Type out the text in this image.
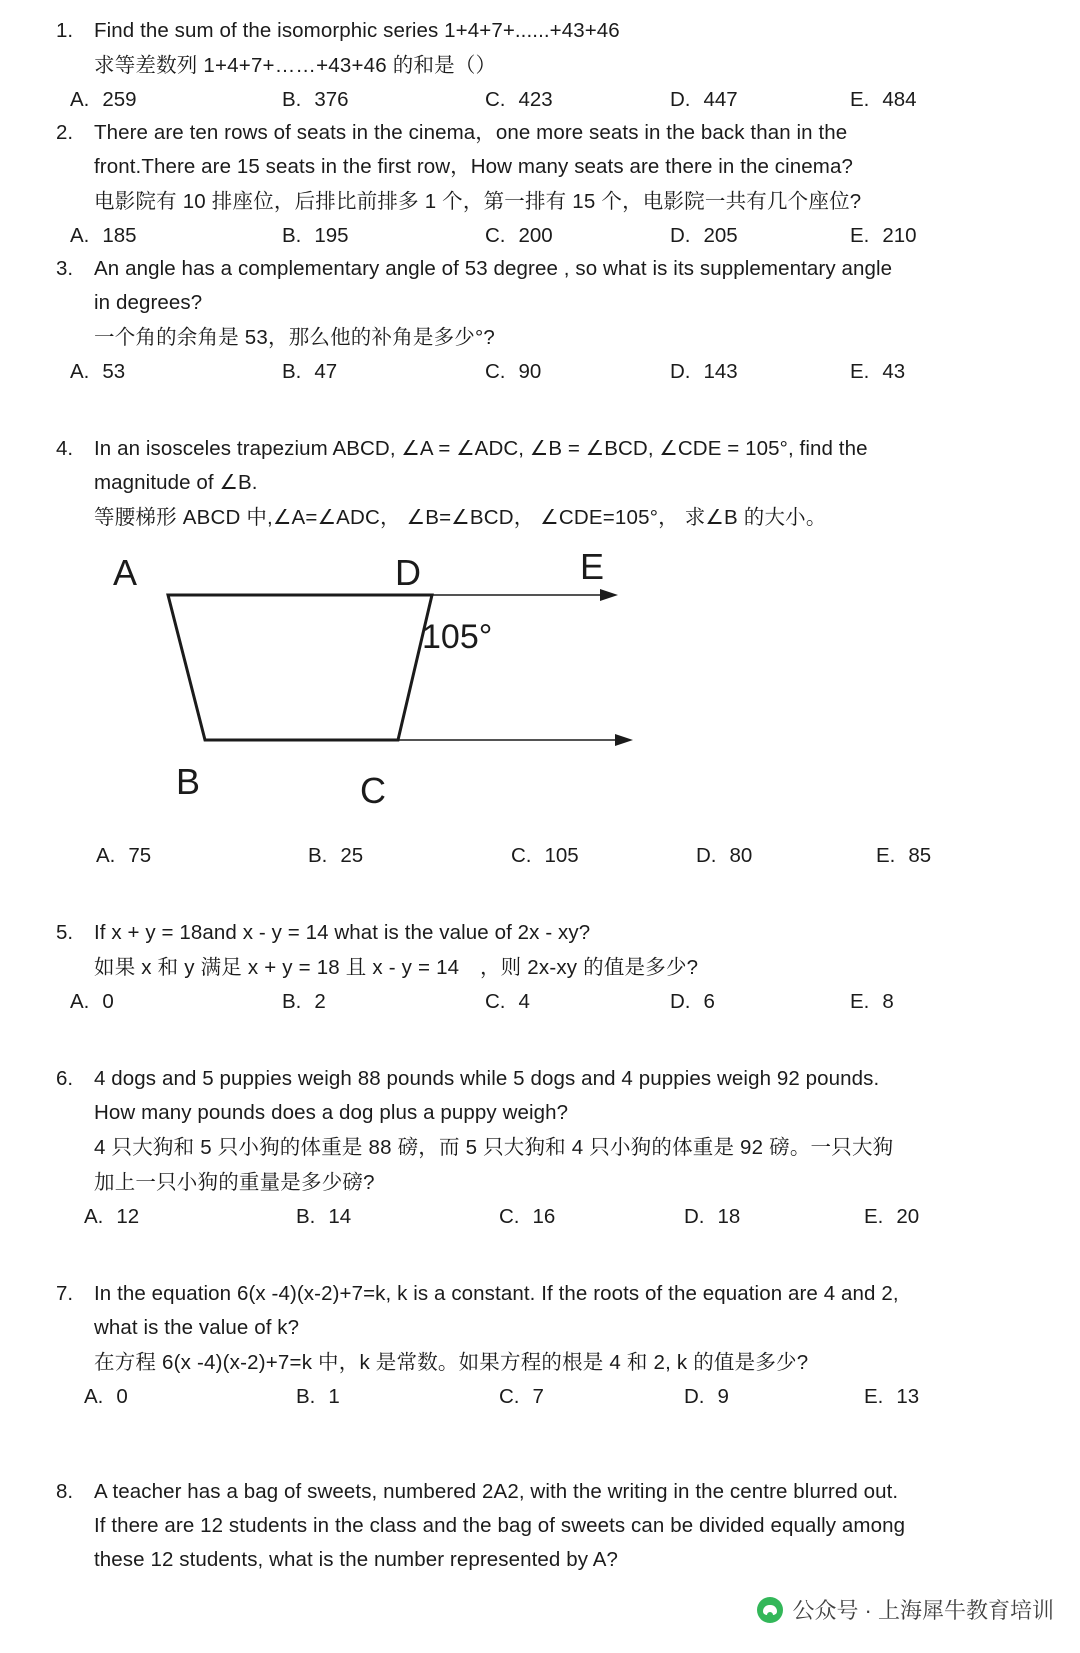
1.	Find the sum of the isomorphic series 1+4+7+......+43+46
求等差数列 1+4+7+……+43+46 的和是（）
A. 259	B. 376	C. 423	D. 447	E. 484
2.	There are ten rows of seats in the cinema，one more seats in the back than in the
front.There are 15 seats in the first row，How many seats are there in the cinema?
电影院有 10 排座位，后排比前排多 1 个，第一排有 15 个，电影院一共有几个座位?
A. 185	B. 195	C. 200	D. 205	E. 210
3.	An angle has a complementary angle of 53 degree , so what is its supplementary angle
in degrees?
一个角的余角是 53，那么他的补角是多少°?
A. 53	B. 47	C. 90	D. 143	E. 43
4.	In an isosceles trapezium ABCD, ∠A = ∠ADC, ∠B = ∠BCD, ∠CDE = 105°, find the
magnitude of ∠B.
等腰梯形 ABCD 中,∠A=∠ADC， ∠B=∠BCD， ∠CDE=105°， 求∠B 的大小。
A	D	E
B	C
105°
A. 75	B. 25	C. 105	D. 80	E. 85
5.	If x + y = 18and x - y = 14 what is the value of 2x - xy?
如果 x 和 y 满足 x + y = 18 且 x - y = 14　，则 2x-xy 的值是多少?
A. 0	B. 2	C. 4	D. 6	E. 8
6.	4 dogs and 5 puppies weigh 88 pounds while 5 dogs and 4 puppies weigh 92 pounds.
How many pounds does a dog plus a puppy weigh?
4 只大狗和 5 只小狗的体重是 88 磅，而 5 只大狗和 4 只小狗的体重是 92 磅。一只大狗
加上一只小狗的重量是多少磅?
A. 12	B. 14	C. 16	D. 18	E. 20
7.	In the equation 6(x -4)(x-2)+7=k, k is a constant. If the roots of the equation are 4 and 2,
what is the value of k?
在方程 6(x -4)(x-2)+7=k 中，k 是常数。如果方程的根是 4 和 2, k 的值是多少?
A. 0	B. 1	C. 7	D. 9	E. 13
8.	A teacher has a bag of sweets, numbered 2A2, with the writing in the centre blurred out.
If there are 12 students in the class and the bag of sweets can be divided equally among
these 12 students, what is the number represented by A?
公众号 · 上海犀牛教育培训
